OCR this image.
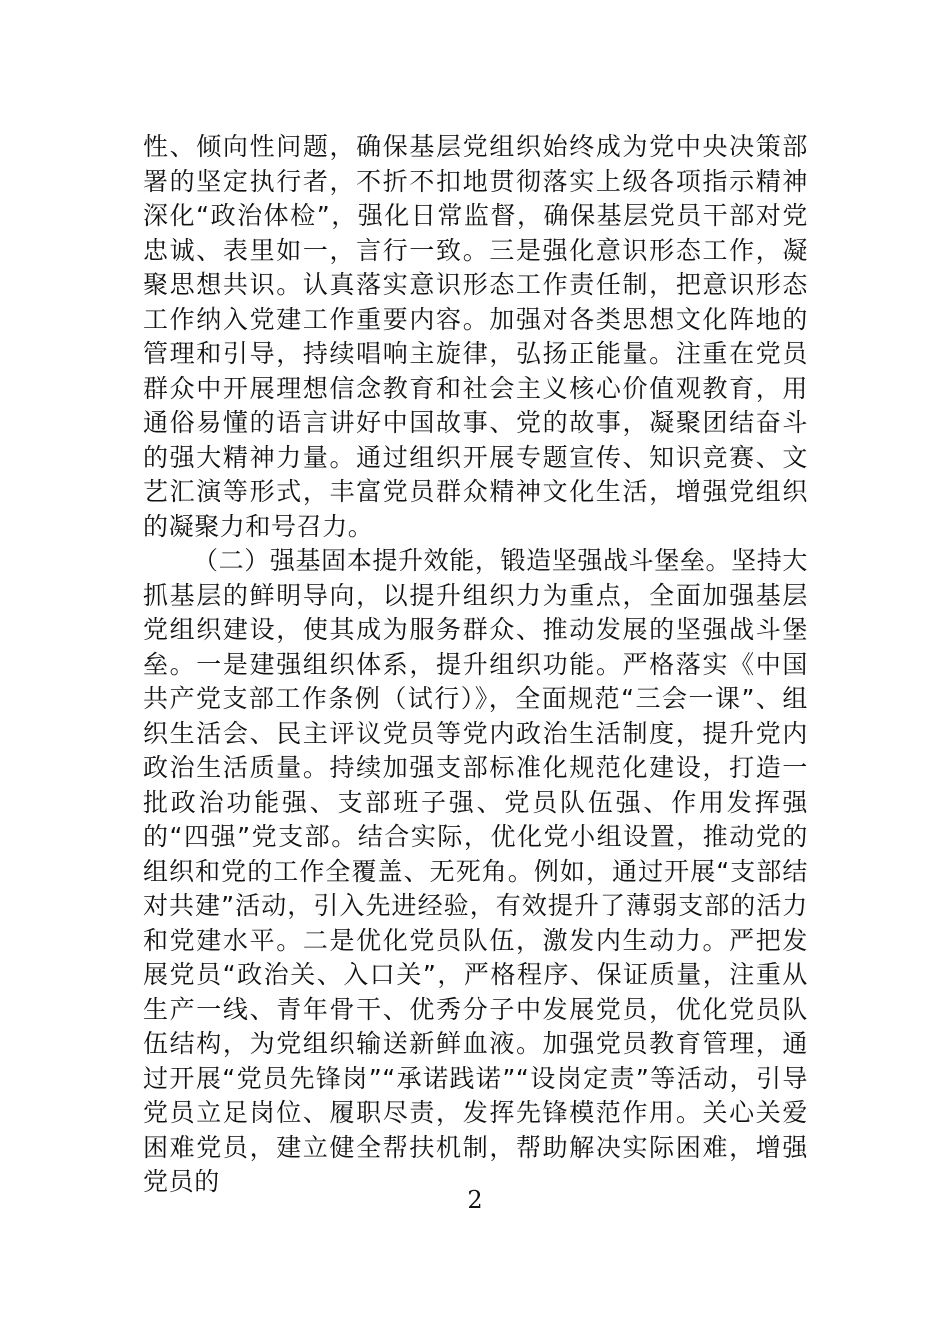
性、倾向性问题，确保基层党组织始终成为党中央决策部署的坚定执行者，不折不扣地贯彻落实上级各项指示精神深化“政治体检”，强化日常监督，确保基层党员干部对党忠诚、表里如一，言行一致。三是强化意识形态工作，凝聚思想共识。认真落实意识形态工作责任制，把意识形态工作纳入党建工作重要内容。加强对各类思想文化阵地的管理和引导，持续唱响主旋律，弘扬正能量。注重在党员群众中开展理想信念教育和社会主义核心价值观教育，用通俗易懂的语言讲好中国故事、党的故事，凝聚团结奋斗的强大精神力量。通过组织开展专题宣传、知识竞赛、文艺汇演等形式，丰富党员群众精神文化生活，增强党组织的凝聚力和号召力。

（二）强基固本提升效能，锻造坚强战斗堡垒。坚持大抓基层的鲜明导向，以提升组织力为重点，全面加强基层党组织建设，使其成为服务群众、推动发展的坚强战斗堡垒。一是建强组织体系，提升组织功能。严格落实《中国共产党支部工作条例（试行）》，全面规范“三会一课”、组织生活会、民主评议党员等党内政治生活制度，提升党内政治生活质量。持续加强支部标准化规范化建设，打造一批政治功能强、支部班子强、党员队伍强、作用发挥强的“四强”党支部。结合实际，优化党小组设置，推动党的组织和党的工作全覆盖、无死角。例如，通过开展“支部结对共建”活动，引入先进经验，有效提升了薄弱支部的活力和党建水平。二是优化党员队伍，激发内生动力。严把发展党员“政治关、入口关”，严格程序、保证质量，注重从生产一线、青年骨干、优秀分子中发展党员，优化党员队伍结构，为党组织输送新鲜血液。加强党员教育管理，通过开展“党员先锋岗”“承诺践诺”“设岗定责”等活动，引导党员立足岗位、履职尽责，发挥先锋模范作用。关心关爱困难党员，建立健全帮扶机制，帮助解决实际困难，增强党员的

2
